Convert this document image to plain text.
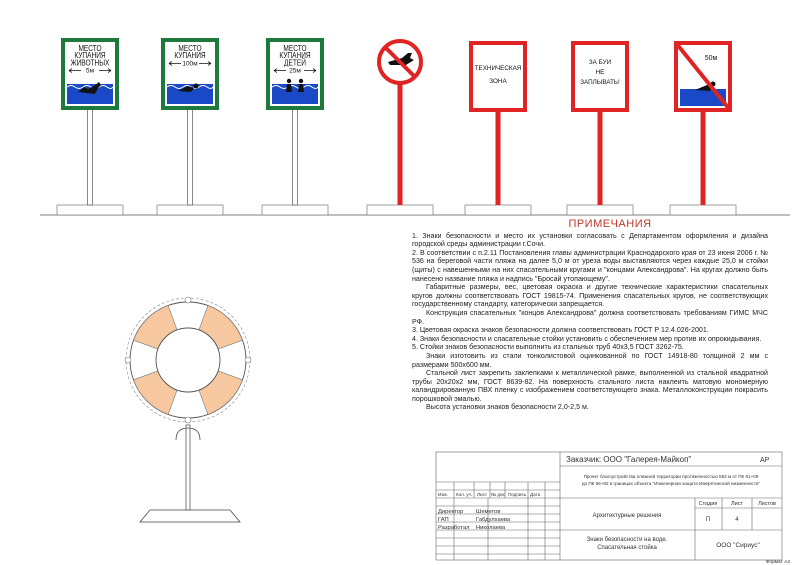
МЕСТО
КУПАНИЯ
ЖИВОТНЫХ
5м
МЕСТО
КУПАНИЯ
100м
МЕСТО
КУПАНИЯ
ДЕТЕЙ
25м	ТЕХНИЧЕСКАЯ
ЗОНА
ЗА БУИ
НЕ
ЗАПЛЫВАТЬ!
50м
Заказчик: ООО "Галерея-Майкоп"	АР
Проект благоустройства пляжной территории протяженностью 583 м от ПК 51+09
до ПК 56+92 в границах объекта "Инженерная защита Имеретинской низменности"
Изм. Кол. уч. Лист № док. Подпись Дата
Архитектурные решения
Стадия Лист	Листов
П	4
Директор Шеметов
ГАП	Габдулхаева
Разработал Николаева
Знаки безопасности на воде.
Спасательная стойка	ООО "Сириус"
Формат А3
ПРИМЕЧАНИЯ

1. Знаки безопасности и место их установки согласовать с Департаментом оформления и дизайна городской среды администрации г.Сочи.

2. В соответствии с п.2.11 Постановления главы администрации Краснодарского края от 23 июня 2006 г. № 536 на береговой части пляжа на далее 5,0 м от уреза воды выставляются через каждые 25,0 м стойки (щиты) с навешенными на них спасательными кругами и "концами Александрова". На кругах должно быть нанесено название пляжа и надпись "Бросай утопающему".

Габаритные размеры, вес, цветовая окраска и другие технические характеристики спасательных кругов должны соответствовать ГОСТ 19815-74. Применения спасательных кругов, не соответствующих государственному стандарту, категорически запрещается.

Конструкция спасательных "концов Александрова" должна соответствовать требованиям ГИМС МЧС РФ.

3. Цветовая окраска знаков безопасности должна соответствовать ГОСТ Р 12.4.026-2001.

4. Знаки безопасности и спасательные стойки установить с обеспечением мер против их опрокидывания.

5. Стойки знаков безопасности выполнить из стальных труб 40х3,5 ГОСТ 3262-75.

Знаки изготовить из стали тонколистовой оцинкованной по ГОСТ 14918-80 толщиной 2 мм с размерами 500х600 мм.

Стальной лист закрепить заклепками к металлической рамке, выполненной из стальной квадратной трубы 20х20х2 мм, ГОСТ 8639-82. На поверхность стального листа наклеить матовую мономерную каландрированную ПВХ пленку с изображением соответствующего знака. Металлоконструкции покрасить порошковой эмалью.

Высота установки знаков безопасности 2,0-2,5 м.
